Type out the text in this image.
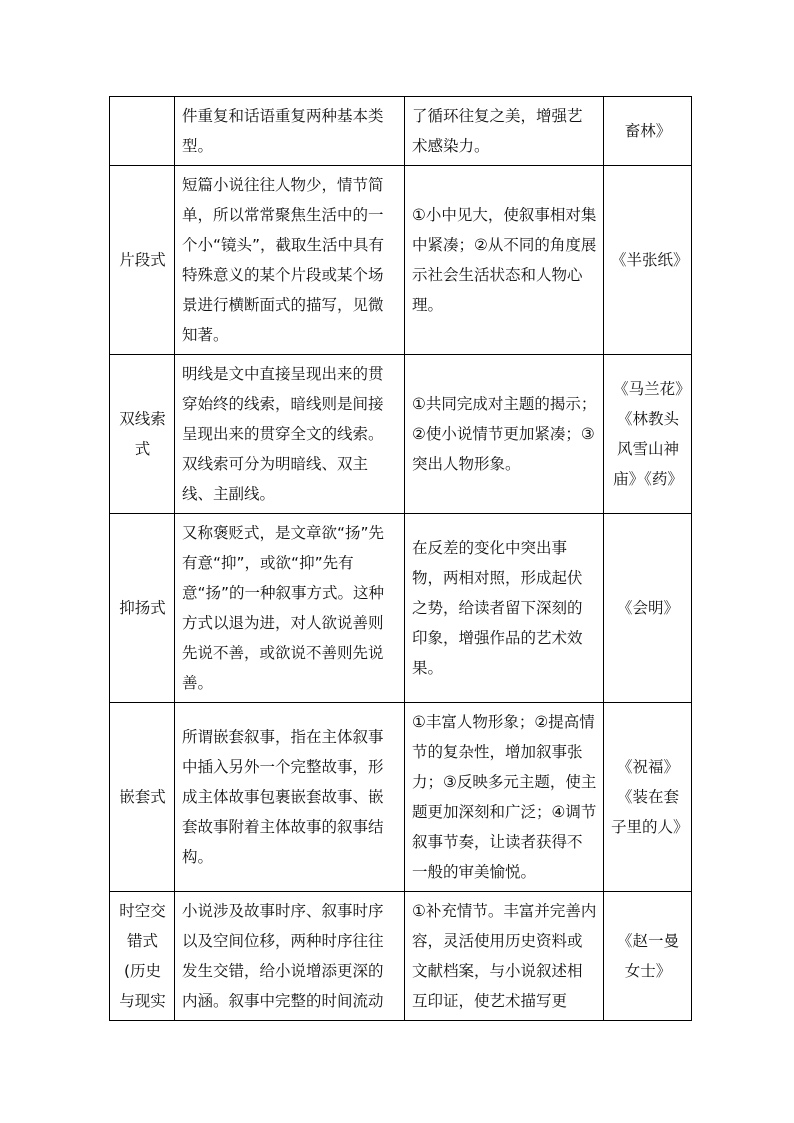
	件重复和话语重复两种基本类型。	了循环往复之美，增强艺术感染力。	畜林》
片段式	短篇小说往往人物少，情节简单，所以常常聚焦生活中的一个小“镜头”，截取生活中具有特殊意义的某个片段或某个场景进行横断面式的描写，见微知著。	①小中见大，使叙事相对集中紧凑；②从不同的角度展示社会生活状态和人物心理。	《半张纸》
双线索式	明线是文中直接呈现出来的贯穿始终的线索，暗线则是间接呈现出来的贯穿全文的线索。双线索可分为明暗线、双主线、主副线。	①共同完成对主题的揭示；②使小说情节更加紧凑；③突出人物形象。	《马兰花》《林教头风雪山神庙》《药》
抑扬式	又称褒贬式，是文章欲“扬”先有意“抑”，或欲“抑”先有意“扬”的一种叙事方式。这种方式以退为进，对人欲说善则先说不善，或欲说不善则先说善。	在反差的变化中突出事物，两相对照，形成起伏之势，给读者留下深刻的印象，增强作品的艺术效果。	《会明》
嵌套式	所谓嵌套叙事，指在主体叙事中插入另外一个完整故事，形成主体故事包裹嵌套故事、嵌套故事附着主体故事的叙事结构。	①丰富人物形象；②提高情节的复杂性，增加叙事张力；③反映多元主题，使主题更加深刻和广泛；④调节叙事节奏，让读者获得不一般的审美愉悦。	《祝福》《装在套子里的人》
时空交错式(历史与现实	小说涉及故事时序、叙事时序以及空间位移，两种时序往往发生交错，给小说增添更深的内涵。叙事中完整的时间流动	①补充情节。丰富并完善内容，灵活使用历史资料或文献档案，与小说叙述相互印证，使艺术描写更	《赵一曼女士》
